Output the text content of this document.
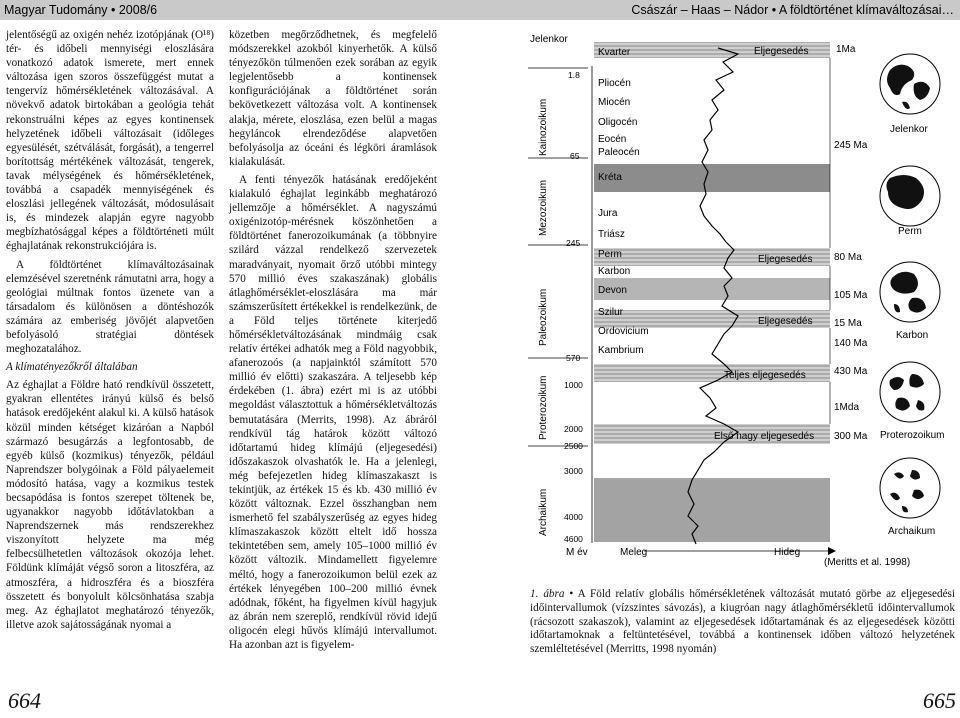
Magyar Tudomány • 2008/6	Császár – Haas – Nádor • A földtörténet klímaváltozásai…

jelentőségű az oxigén nehéz izotópjának (O¹⁸) tér- és időbeli mennyiségi eloszlására vonatkozó adatok ismerete, mert ennek változása igen szoros összefüggést mutat a tengervíz hőmérsékletének változásával. A növekvő adatok birtokában a geológia tehát rekonstruálni képes az egyes kontinensek helyzetének időbeli változásait (időleges egyesülését, szétválását, forgását), a tengerrel borítottság mértékének változását, tengerek, tavak mélységének és hőmérsékletének, továbbá a csapadék mennyiségének és eloszlási jellegének változását, módosulásait is, és mindezek alapján egyre nagyobb megbízhatósággal képes a földtörténeti múlt éghajlatának rekonstrukciójára is.

A földtörténet klímaváltozásainak elemzésével szeretnénk rámutatni arra, hogy a geológiai múltnak fontos üzenete van a társadalom és különösen a döntéshozók számára az emberiség jövőjét alapvetően befolyásoló stratégiai döntések meghozatalához.

A klímatényezőkről általában

Az éghajlat a Földre ható rendkívül összetett, gyakran ellentétes irányú külső és belső hatások eredőjeként alakul ki. A külső hatások közül minden kétséget kizáróan a Napból származó besugárzás a legfontosabb, de egyéb külső (kozmikus) tényezők, például Naprendszer bolygóinak a Föld pályaelemeit módosító hatása, vagy a kozmikus testek becsapódása is fontos szerepet töltenek be, ugyanakkor nagyobb időtávlatokban a Naprendszernek más rendszerekhez viszonyított helyzete ma még felbecsülhetetlen változások okozója lehet. Földünk klímáját végső soron a litoszféra, az atmoszféra, a hidroszféra és a bioszféra összetett és bonyolult kölcsönhatása szabja meg. Az éghajlatot meghatározó tényezők, illetve azok sajátosságának nyomai a

közetben megőrződhetnek, és megfelelő módszerekkel azokból kinyerhetők. A külső tényezőkön túlmenően ezek sorában az egyik legjelentősebb a kontinensek konfigurációjának a földtörténet során bekövetkezett változása volt. A kontinensek alakja, mérete, eloszlása, ezen belül a magas hegyláncok elrendeződése alapvetően befolyásolja az óceáni és légköri áramlások kialakulását.

A fenti tényezők hatásának eredőjeként kialakuló éghajlat leginkább meghatározó jellemzője a hőmérséklet. A nagyszámú oxigénizotóp-mérésnek köszönhetően a földtörténet fanerozoikumának (a többnyire szilárd vázzal rendelkező szervezetek maradványait, nyomait őrző utóbbi mintegy 570 millió éves szakaszának) globális átlaghőmérséklet-eloszlására ma már számszerűsített értékekkel is rendelkezünk, de a Föld teljes története kiterjedő hőmérsékletváltozásának mindmáig csak relatív értékei adhatók meg a Föld nagyobbik, afanerozoós (a napjainktól számított 570 millió év előtti) szakaszára. A teljesebb kép érdekében (1. ábra) ezért mi is az utóbbi megoldást választottuk a hőmérsékletváltozás bemutatására (Merrits, 1998). Az ábráról rendkívül tág határok között változó időtartamú hideg klímájú (eljegesedési) időszakaszok olvashatók le. Ha a jelenlegi, még befejezetlen hideg klímaszakaszt is tekintjük, az értékek 15 és kb. 430 millió év között változnak. Ezzel összhangban nem ismerhető fel szabályszerűség az egyes hideg klímaszakaszok között eltelt idő hossza tekintetében sem, amely 105–1000 millió év között változik. Mindamellett figyelemre méltó, hogy a fanerozoikumon belül ezek az értékek lényegében 100–200 millió évnek adódnak, főként, ha figyelmen kívül hagyjuk az ábrán nem szereplő, rendkívül rövid idejű oligocén elegi hűvös klímájú intervallumot. Ha azonban azt is figyelem-

664	665
Jelenkor
Kainozoikum
Mezozoikum
Paleozoikum
Proterozoikum
Archaikum
1.8
65
245
570
1000
2000
2500
3000
4000
4600
M év
Kvarter
Pliocén
Miocén
Oligocén
Eocén
Paleocén
Kréta
Jura
Triász
Perm
Karbon
Devon
Szilur
Ordovicium
Kambrium
Eljegesedés
Eljegesedés
Eljegesedés
Teljes eljegesedés
Első nagy eljegesedés
Meleg	Hideg
(Meritts et al. 1998)
1Ma
245 Ma
80 Ma
105 Ma
15 Ma
140 Ma
430 Ma
1Mda
300 Ma
Jelenkor
Perm
Karbon
Proterozoikum
Archaikum
1. ábra • A Föld relatív globális hőmérsékletének változását mutató görbe az eljegesedési időintervallumok (vízszintes sávozás), a kiugróan nagy átlaghőmérsékletű időintervallumok (rácsozott szakaszok), valamint az eljegesedések időtartamának és az eljegesedések közötti időtartamoknak a feltüntetésével, továbbá a kontinensek időben változó helyzetének szemléltetésével (Merritts, 1998 nyomán)
